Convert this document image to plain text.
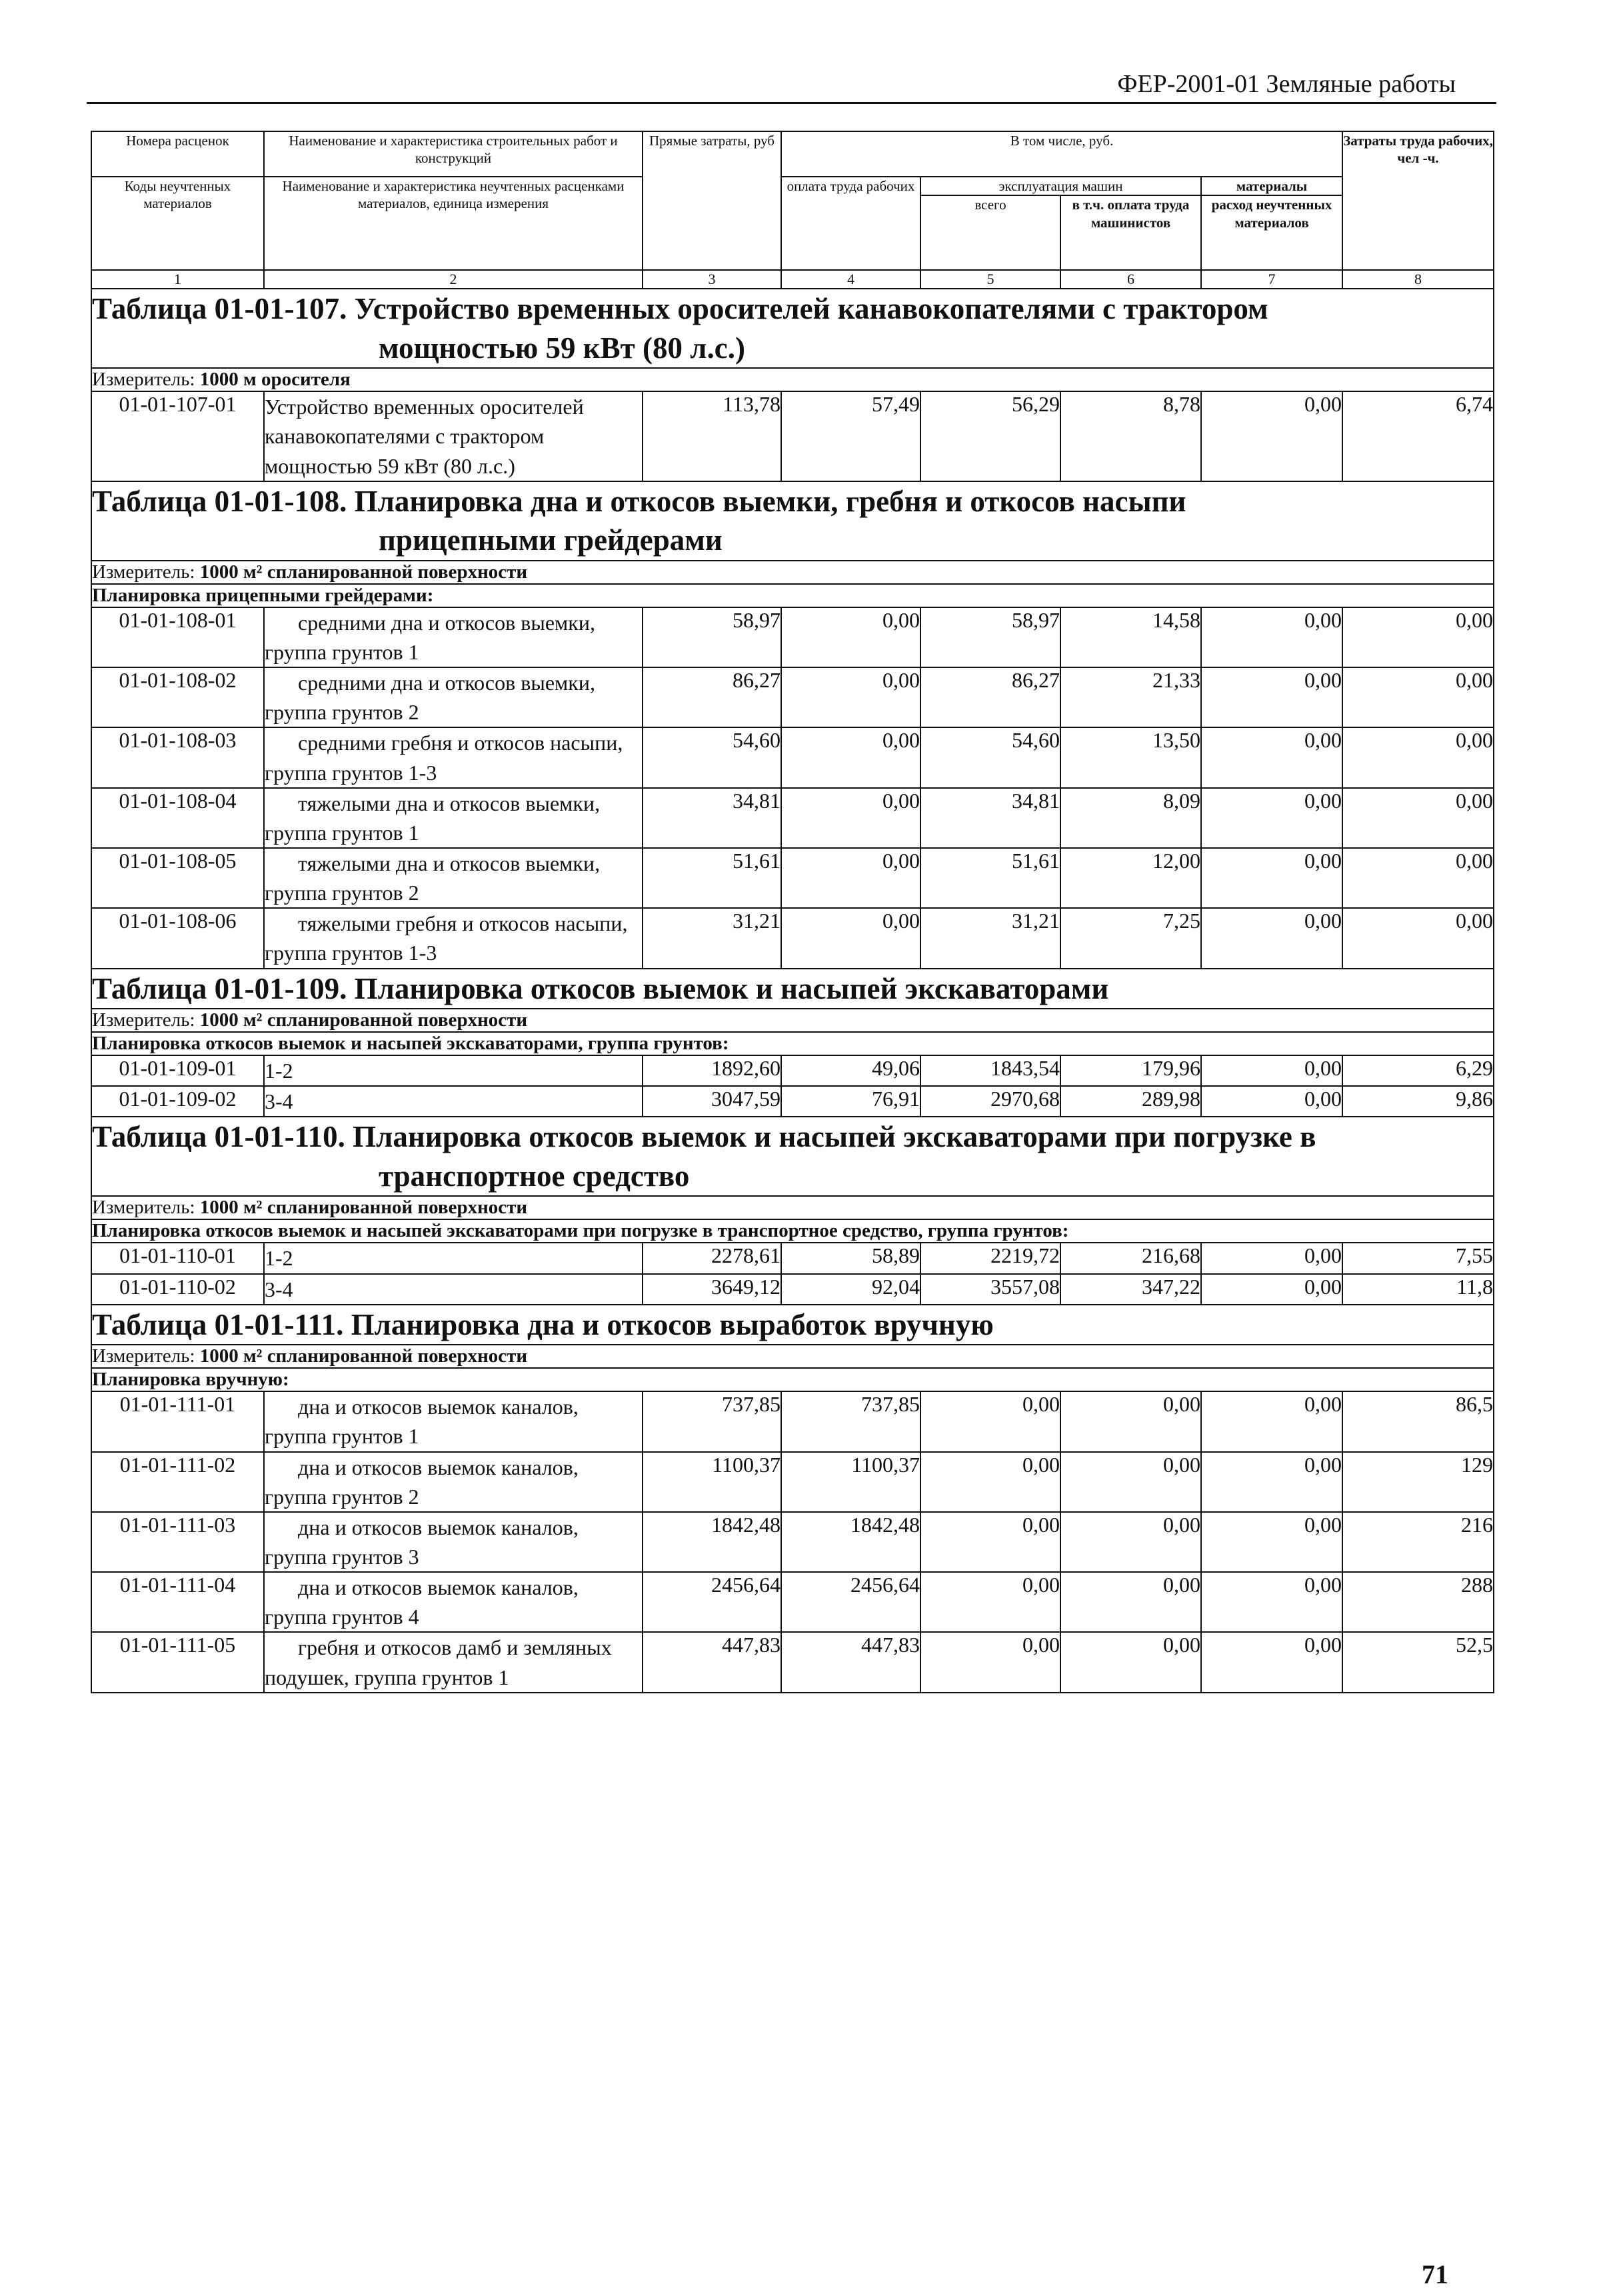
ФЕР-2001-01 Земляные работы
Номера расценок	Наименование и характеристика строительных работ и конструкций	Прямые затраты, руб	В том числе, руб.				Затраты труда рабочих, чел -ч.
Коды неучтенных материалов	Наименование и характеристика неучтенных расценками материалов, единица измерения		оплата труда рабочих	эксплуатация машин		материалы	
				всего	в т.ч. оплата труда машинистов	расход неучтенных материалов	
1	2	3	4	5	6	7	8
Таблица 01-01-107. Устройство временных оросителей канавокопателями с трактором
мощностью 59 кВт (80 л.с.)							

Измеритель: 1000 м оросителя							
01-01-107-01	Устройство временных оросителей канавокопателями с трактором мощностью 59 кВт (80 л.с.)	113,78	57,49	56,29	8,78	0,00	6,74
Таблица 01-01-108. Планировка дна и откосов выемки, гребня и откосов насыпи
прицепными грейдерами							

Измеритель: 1000 м² спланированной поверхности							
Планировка прицепными грейдерами:							
01-01-108-01	средними дна и откосов выемки, группа грунтов 1	58,97	0,00	58,97	14,58	0,00	0,00
01-01-108-02	средними дна и откосов выемки, группа грунтов 2	86,27	0,00	86,27	21,33	0,00	0,00
01-01-108-03	средними гребня и откосов насыпи, группа грунтов 1-3	54,60	0,00	54,60	13,50	0,00	0,00
01-01-108-04	тяжелыми дна и откосов выемки, группа грунтов 1	34,81	0,00	34,81	8,09	0,00	0,00
01-01-108-05	тяжелыми дна и откосов выемки, группа грунтов 2	51,61	0,00	51,61	12,00	0,00	0,00
01-01-108-06	тяжелыми гребня и откосов насыпи, группа грунтов 1-3	31,21	0,00	31,21	7,25	0,00	0,00
Таблица 01-01-109. Планировка откосов выемок и насыпей экскаваторами							
Измеритель: 1000 м² спланированной поверхности							
Планировка откосов выемок и насыпей экскаваторами, группа грунтов:							
01-01-109-01	1-2	1892,60	49,06	1843,54	179,96	0,00	6,29
01-01-109-02	3-4	3047,59	76,91	2970,68	289,98	0,00	9,86
Таблица 01-01-110. Планировка откосов выемок и насыпей экскаваторами при погрузке в
транспортное средство							

Измеритель: 1000 м² спланированной поверхности							
Планировка откосов выемок и насыпей экскаваторами при погрузке в транспортное средство, группа грунтов:							
01-01-110-01	1-2	2278,61	58,89	2219,72	216,68	0,00	7,55
01-01-110-02	3-4	3649,12	92,04	3557,08	347,22	0,00	11,8
Таблица 01-01-111. Планировка дна и откосов выработок вручную							
Измеритель: 1000 м² спланированной поверхности							
Планировка вручную:							
01-01-111-01	дна и откосов выемок каналов, группа грунтов 1	737,85	737,85	0,00	0,00	0,00	86,5
01-01-111-02	дна и откосов выемок каналов, группа грунтов 2	1100,37	1100,37	0,00	0,00	0,00	129
01-01-111-03	дна и откосов выемок каналов, группа грунтов 3	1842,48	1842,48	0,00	0,00	0,00	216
01-01-111-04	дна и откосов выемок каналов, группа грунтов 4	2456,64	2456,64	0,00	0,00	0,00	288
01-01-111-05	гребня и откосов дамб и земляных подушек, группа грунтов 1	447,83	447,83	0,00	0,00	0,00	52,5
71
